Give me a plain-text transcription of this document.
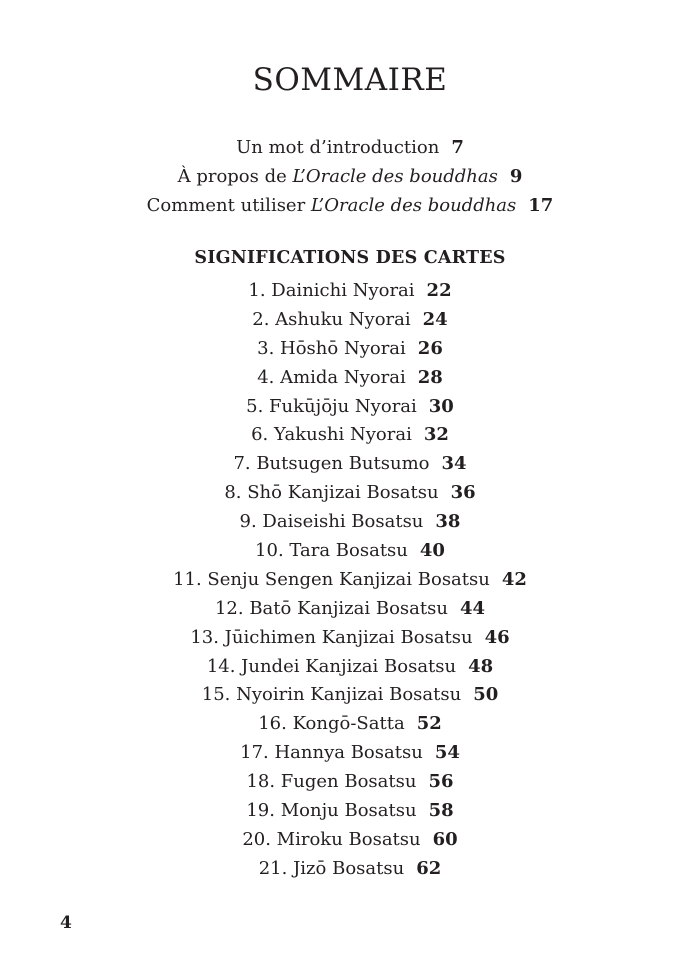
SOMMAIRE
Un mot d’introduction 7
À propos de L’Oracle des bouddhas 9
Comment utiliser L’Oracle des bouddhas 17
SIGNIFICATIONS DES CARTES
1. Dainichi Nyorai 22
2. Ashuku Nyorai 24
3. Hōshō Nyorai 26
4. Amida Nyorai 28
5. Fukūjōju Nyorai 30
6. Yakushi Nyorai 32
7. Butsugen Butsumo 34
8. Shō Kanjizai Bosatsu 36
9. Daiseishi Bosatsu 38
10. Tara Bosatsu 40
11. Senju Sengen Kanjizai Bosatsu 42
12. Batō Kanjizai Bosatsu 44
13. Jūichimen Kanjizai Bosatsu 46
14. Jundei Kanjizai Bosatsu 48
15. Nyoirin Kanjizai Bosatsu 50
16. Kongō-Satta 52
17. Hannya Bosatsu 54
18. Fugen Bosatsu 56
19. Monju Bosatsu 58
20. Miroku Bosatsu 60
21. Jizō Bosatsu 62
4
